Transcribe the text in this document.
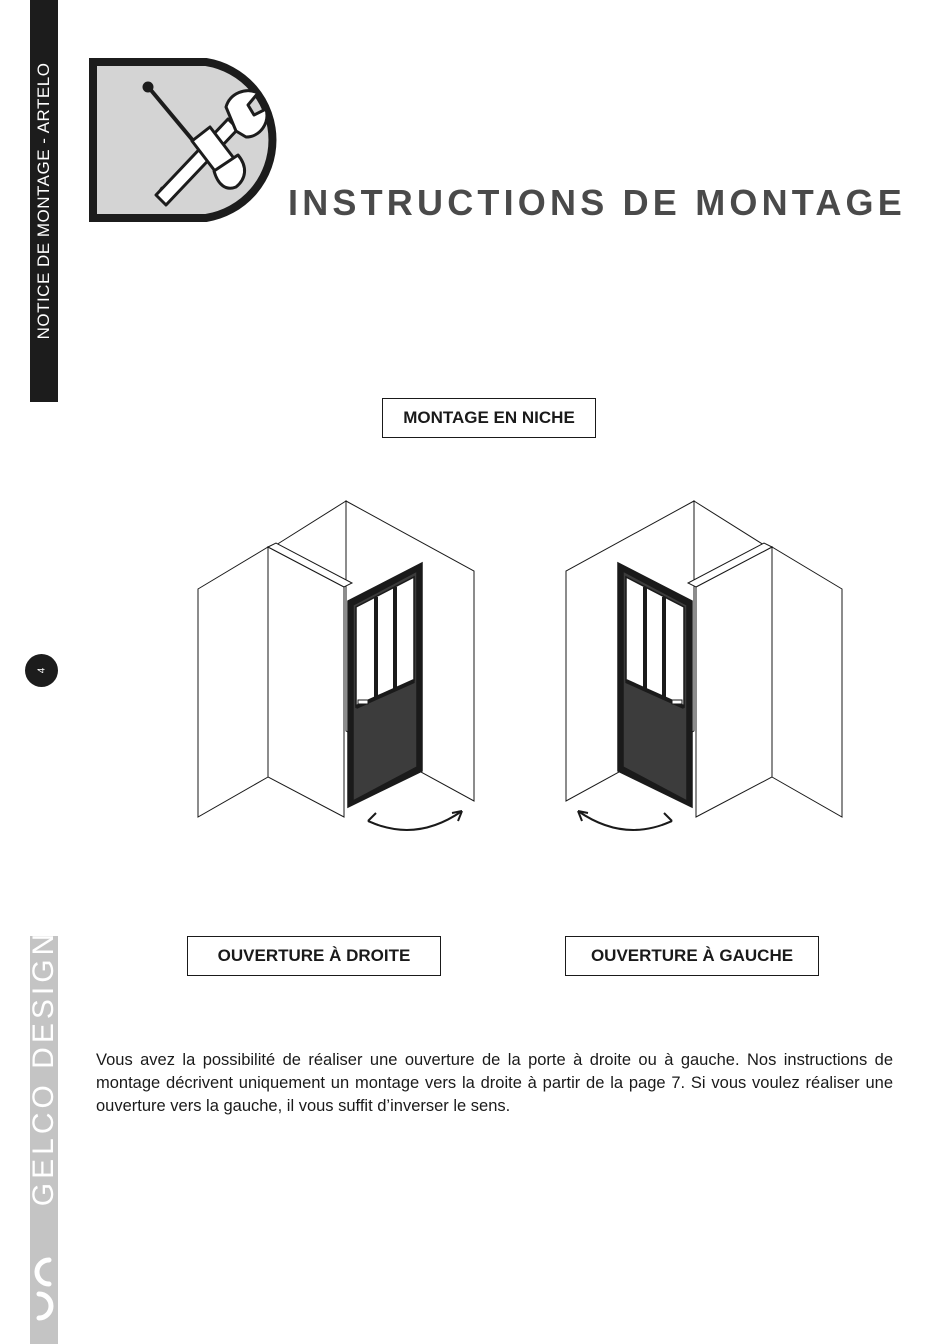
NOTICE DE MONTAGE - ARTELO
4
GELCO DESIGN
INSTRUCTIONS DE MONTAGE
MONTAGE EN NICHE
OUVERTURE À DROITE	OUVERTURE À GAUCHE

Vous avez la possibilité de réaliser une ouverture de la porte à droite ou à gauche. Nos instructions de montage décrivent uniquement un montage vers la droite à partir de la page 7. Si vous voulez réaliser une ouverture vers la gauche, il vous suffit d’inverser le sens.
